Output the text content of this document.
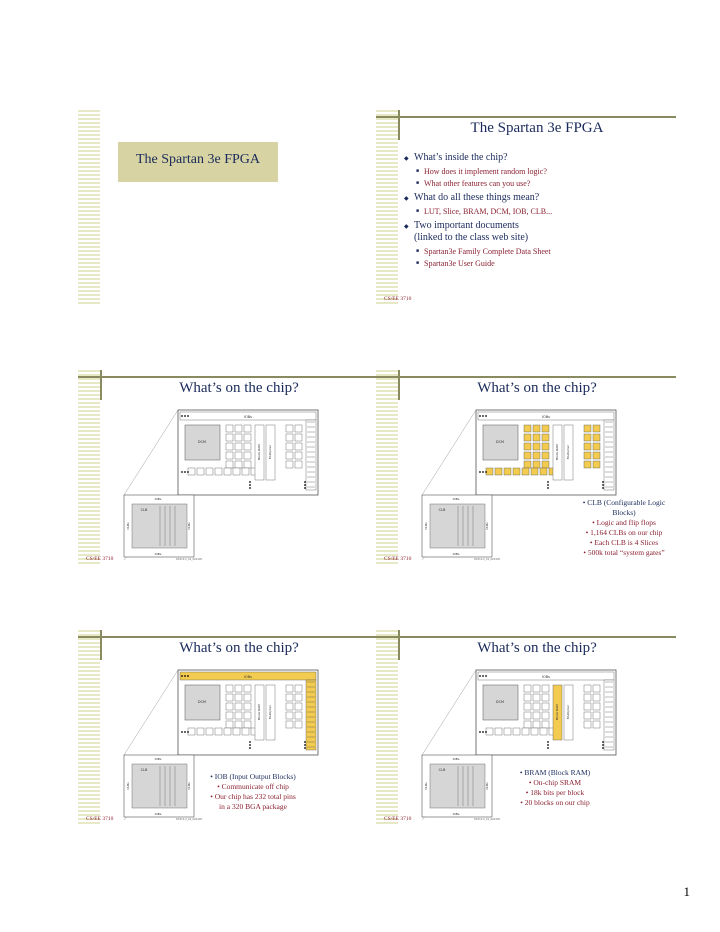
The Spartan 3e FPGA
The Spartan 3e FPGA
◆ What’s inside the chip?
■ How does it implement random logic?
■ What other features can you use?
◆ What do all these things mean?
■ LUT, Slice, BRAM, DCM, IOB, CLB...
◆ Two important documents
(linked to the class web site)
■ Spartan3e Family Complete Data Sheet
■ Spartan3e User Guide
CS/EE 3710
What’s on the chip?
IOBs
DCM
Block RAM Multiplier
IOBs
IOBs
CLB
CLBs	CLBs
DS312-2_01_020405
CS/EE 3710
What’s on the chip?
IOBs
DCM
Block RAM Multiplier
IOBs
IOBs
CLB
CLBs	CLBs
DS312-2_01_020405
• CLB (Configurable Logic
Blocks)
• Logic and flip flops
• 1,164 CLBs on our chip
• Each CLB is 4 Slices
• 500k total “system gates”
CS/EE 3710
What’s on the chip?
IOBs
DCM
Block RAM Multiplier
IOBs
IOBs
CLB
CLBs	CLBs
DS312-2_01_020405
• IOB (Input Output Blocks)
• Communicate off chip
• Our chip has 232 total pins
in a 320 BGA package
CS/EE 3710
What’s on the chip?
IOBs
DCM
Block RAM Multiplier
IOBs
IOBs
CLB
CLBs	CLBs
DS312-2_01_020405
• BRAM (Block RAM)
• On-chip SRAM
• 18k bits per block
• 20 blocks on our chip
CS/EE 3710
1
